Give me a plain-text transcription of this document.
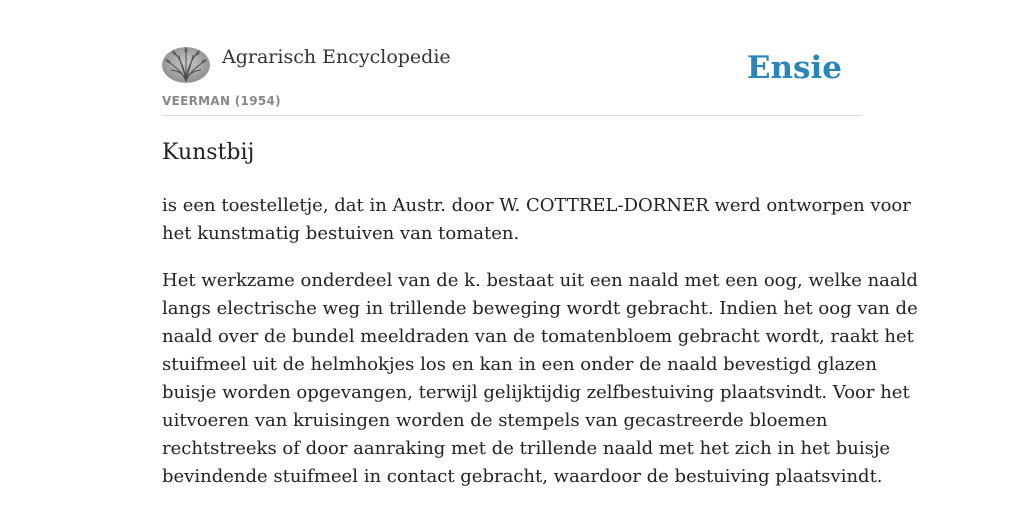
Agrarisch Encyclopedie
VEERMAN (1954)
Ensie
Kunstbij

is een toestelletje, dat in Austr. door W. COTTREL-DORNER werd ontworpen voor
het kunstmatig bestuiven van tomaten.

Het werkzame onderdeel van de k. bestaat uit een naald met een oog, welke naald
langs electrische weg in trillende beweging wordt gebracht. Indien het oog van de
naald over de bundel meeldraden van de tomatenbloem gebracht wordt, raakt het
stuifmeel uit de helmhokjes los en kan in een onder de naald bevestigd glazen
buisje worden opgevangen, terwijl gelijktijdig zelfbestuiving plaatsvindt. Voor het
uitvoeren van kruisingen worden de stempels van gecastreerde bloemen
rechtstreeks of door aanraking met de trillende naald met het zich in het buisje
bevindende stuifmeel in contact gebracht, waardoor de bestuiving plaatsvindt.
